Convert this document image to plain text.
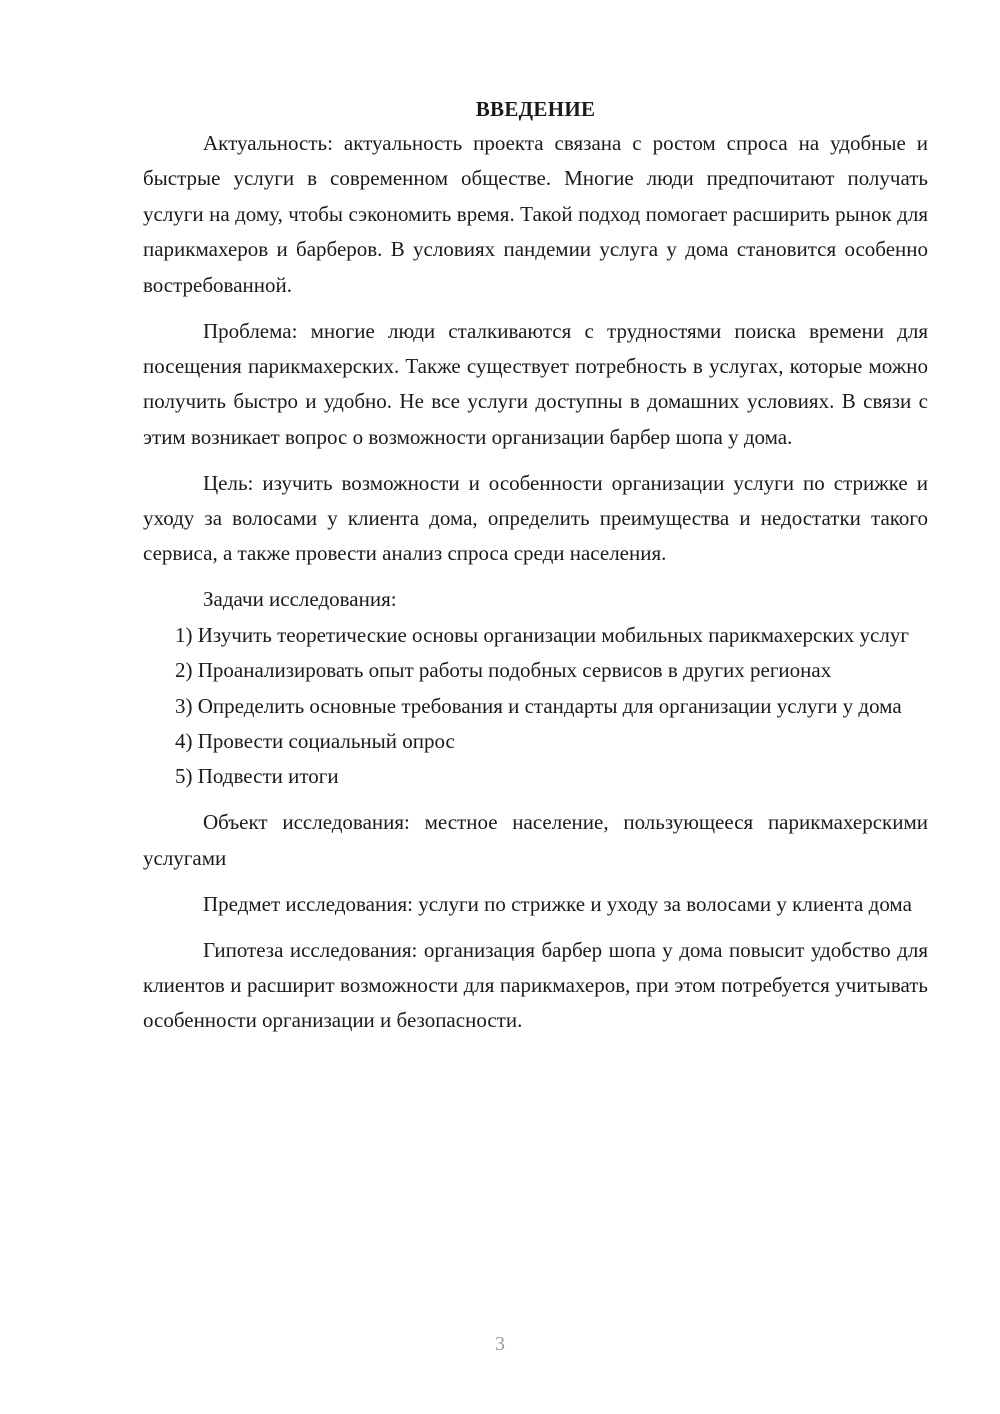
ВВЕДЕНИЕ

Актуальность: актуальность проекта связана с ростом спроса на удобные и быстрые услуги в современном обществе. Многие люди предпочитают получать услуги на дому, чтобы сэкономить время. Такой подход помогает расширить рынок для парикмахеров и барберов. В условиях пандемии услуга у дома становится особенно востребованной.

Проблема: многие люди сталкиваются с трудностями поиска времени для посещения парикмахерских. Также существует потребность в услугах, которые можно получить быстро и удобно. Не все услуги доступны в домашних условиях. В связи с этим возникает вопрос о возможности организации барбер шопа у дома.

Цель: изучить возможности и особенности организации услуги по стрижке и уходу за волосами у клиента дома, определить преимущества и недостатки такого сервиса, а также провести анализ спроса среди населения.

Задачи исследования:

1) Изучить теоретические основы организации мобильных парикмахерских услуг

2) Проанализировать опыт работы подобных сервисов в других регионах

3) Определить основные требования и стандарты для организации услуги у дома

4) Провести социальный опрос

5) Подвести итоги

Объект исследования: местное население, пользующееся парикмахерскими услугами

Предмет исследования: услуги по стрижке и уходу за волосами у клиента дома

Гипотеза исследования: организация барбер шопа у дома повысит удобство для клиентов и расширит возможности для парикмахеров, при этом потребуется учитывать особенности организации и безопасности.

3
